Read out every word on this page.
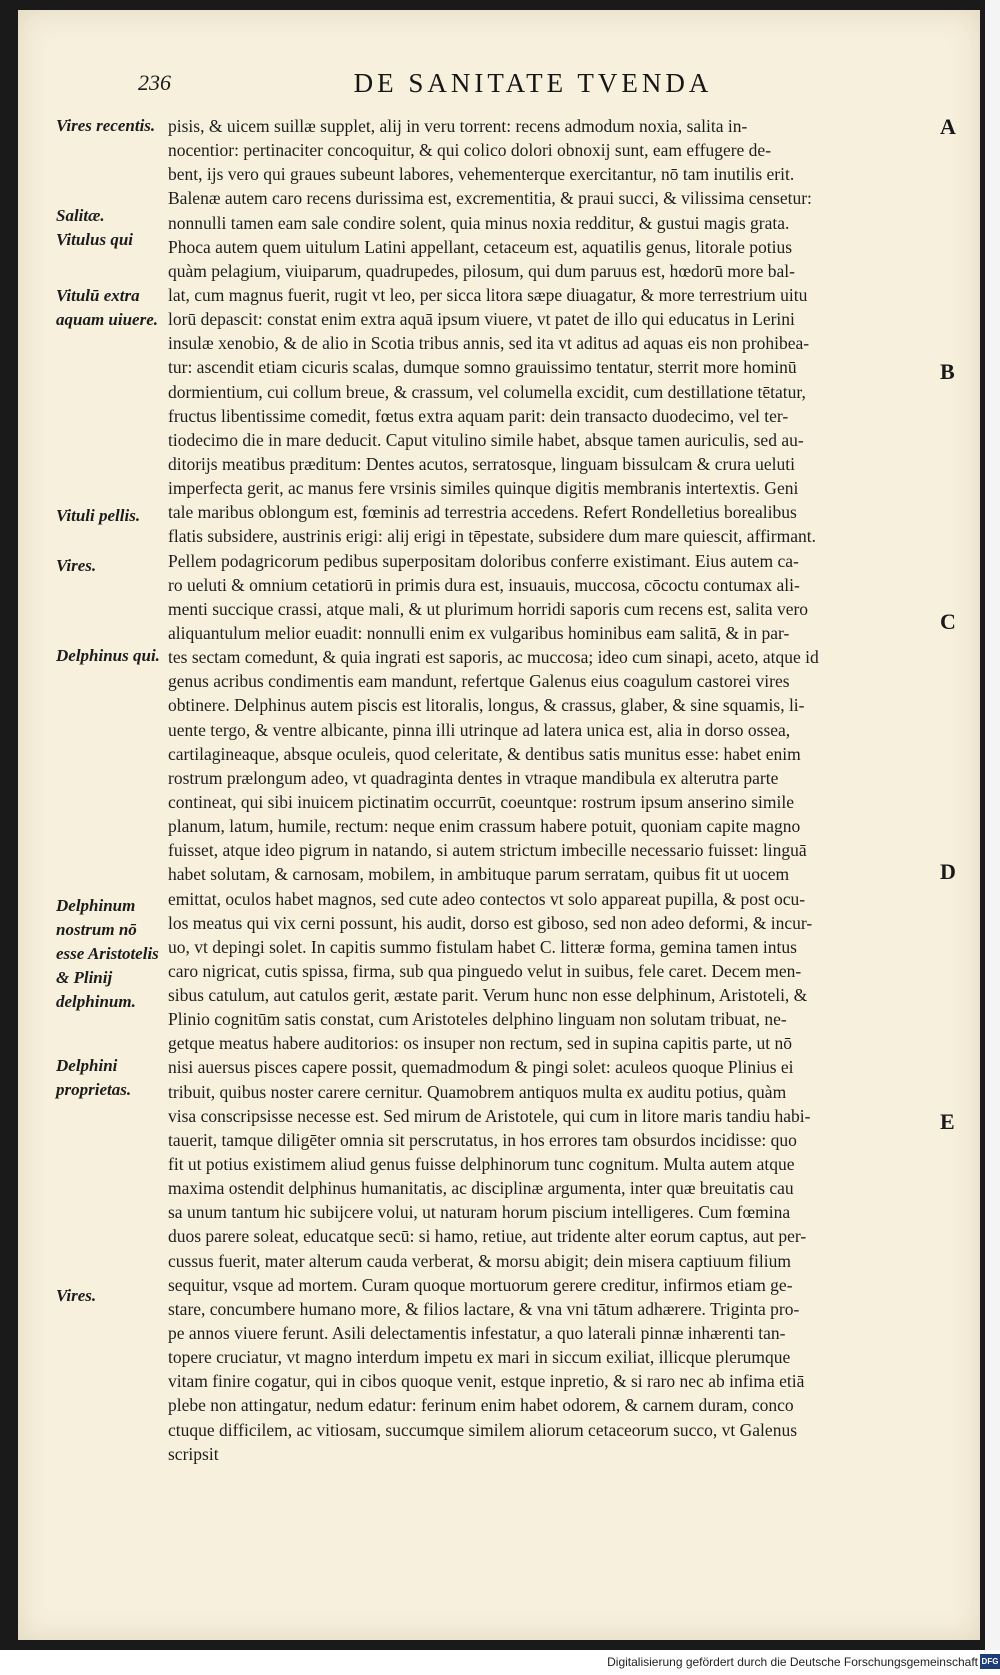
236	DE SANITATE TVENDA
Vires recentis.
Salitæ.
Vitulus qui
Vitulū extra aquam uiuere.
Vituli pellis.
Vires.
Delphinus qui.
Delphinum nostrum nō esse Aristotelis & Plinij delphinum.
Delphini proprietas.
Vires.
pisis, & uicem suillæ supplet, alij in veru torrent: recens admodum noxia, salita in-
nocentior: pertinaciter concoquitur, & qui colico dolori obnoxij sunt, eam effugere de-
bent, ijs vero qui graues subeunt labores, vehementerque exercitantur, nō tam inutilis erit.
Balenæ autem caro recens durissima est, excrementitia, & praui succi, & vilissima censetur:
nonnulli tamen eam sale condire solent, quia minus noxia redditur, & gustui magis grata.
Phoca autem quem uitulum Latini appellant, cetaceum est, aquatilis genus, litorale potius
quàm pelagium, viuiparum, quadrupedes, pilosum, qui dum paruus est, hœdorū more bal-
lat, cum magnus fuerit, rugit vt leo, per sicca litora sæpe diuagatur, & more terrestrium uitu
lorū depascit: constat enim extra aquā ipsum viuere, vt patet de illo qui educatus in Lerini
insulæ xenobio, & de alio in Scotia tribus annis, sed ita vt aditus ad aquas eis non prohibea-
tur: ascendit etiam cicuris scalas, dumque somno grauissimo tentatur, sterrit more hominū
dormientium, cui collum breue, & crassum, vel columella excidit, cum destillatione tētatur,
fructus libentissime comedit, fœtus extra aquam parit: dein transacto duodecimo, vel ter-
tiodecimo die in mare deducit. Caput vitulino simile habet, absque tamen auriculis, sed au-
ditorijs meatibus præditum: Dentes acutos, serratosque, linguam bissulcam & crura ueluti
imperfecta gerit, ac manus fere vrsinis similes quinque digitis membranis intertextis. Geni
tale maribus oblongum est, fœminis ad terrestria accedens. Refert Rondelletius borealibus
flatis subsidere, austrinis erigi: alij erigi in tēpestate, subsidere dum mare quiescit, affirmant.
Pellem podagricorum pedibus superpositam doloribus conferre existimant. Eius autem ca-
ro ueluti & omnium cetatiorū in primis dura est, insuauis, muccosa, cōcoctu contumax ali-
menti succique crassi, atque mali, & ut plurimum horridi saporis cum recens est, salita vero
aliquantulum melior euadit: nonnulli enim ex vulgaribus hominibus eam salitā, & in par-
tes sectam comedunt, & quia ingrati est saporis, ac muccosa; ideo cum sinapi, aceto, atque id
genus acribus condimentis eam mandunt, refertque Galenus eius coagulum castorei vires
obtinere. Delphinus autem piscis est litoralis, longus, & crassus, glaber, & sine squamis, li-
uente tergo, & ventre albicante, pinna illi utrinque ad latera unica est, alia in dorso ossea,
cartilagineaque, absque oculeis, quod celeritate, & dentibus satis munitus esse: habet enim
rostrum prælongum adeo, vt quadraginta dentes in vtraque mandibula ex alterutra parte
contineat, qui sibi inuicem pictinatim occurrūt, coeuntque: rostrum ipsum anserino simile
planum, latum, humile, rectum: neque enim crassum habere potuit, quoniam capite magno
fuisset, atque ideo pigrum in natando, si autem strictum imbecille necessario fuisset: linguā
habet solutam, & carnosam, mobilem, in ambituque parum serratam, quibus fit ut uocem
emittat, oculos habet magnos, sed cute adeo contectos vt solo appareat pupilla, & post ocu-
los meatus qui vix cerni possunt, his audit, dorso est giboso, sed non adeo deformi, & incur-
uo, vt depingi solet. In capitis summo fistulam habet C. litteræ forma, gemina tamen intus
caro nigricat, cutis spissa, firma, sub qua pinguedo velut in suibus, fele caret. Decem men-
sibus catulum, aut catulos gerit, æstate parit. Verum hunc non esse delphinum, Aristoteli, &
Plinio cognitūm satis constat, cum Aristoteles delphino linguam non solutam tribuat, ne-
getque meatus habere auditorios: os insuper non rectum, sed in supina capitis parte, ut nō
nisi auersus pisces capere possit, quemadmodum & pingi solet: aculeos quoque Plinius ei
tribuit, quibus noster carere cernitur. Quamobrem antiquos multa ex auditu potius, quàm
visa conscripsisse necesse est. Sed mirum de Aristotele, qui cum in litore maris tandiu habi-
tauerit, tamque diligēter omnia sit perscrutatus, in hos errores tam obsurdos incidisse: quo
fit ut potius existimem aliud genus fuisse delphinorum tunc cognitum. Multa autem atque
maxima ostendit delphinus humanitatis, ac disciplinæ argumenta, inter quæ breuitatis cau
sa unum tantum hic subijcere volui, ut naturam horum piscium intelligeres. Cum fœmina
duos parere soleat, educatque secū: si hamo, retiue, aut tridente alter eorum captus, aut per-
cussus fuerit, mater alterum cauda verberat, & morsu abigit; dein misera captiuum filium
sequitur, vsque ad mortem. Curam quoque mortuorum gerere creditur, infirmos etiam ge-
stare, concumbere humano more, & filios lactare, & vna vni tātum adhærere. Triginta pro-
pe annos viuere ferunt. Asili delectamentis infestatur, a quo laterali pinnæ inhærenti tan-
topere cruciatur, vt magno interdum impetu ex mari in siccum exiliat, illicque plerumque
vitam finire cogatur, qui in cibos quoque venit, estque inpretio, & si raro nec ab infima etiā
plebe non attingatur, nedum edatur: ferinum enim habet odorem, & carnem duram, conco
ctuque difficilem, ac vitiosam, succumque similem aliorum cetaceorum succo, vt Galenus
scripsit
A
B
C
D
E
Digitalisierung gefördert durch die Deutsche Forschungsgemeinschaft DFG
